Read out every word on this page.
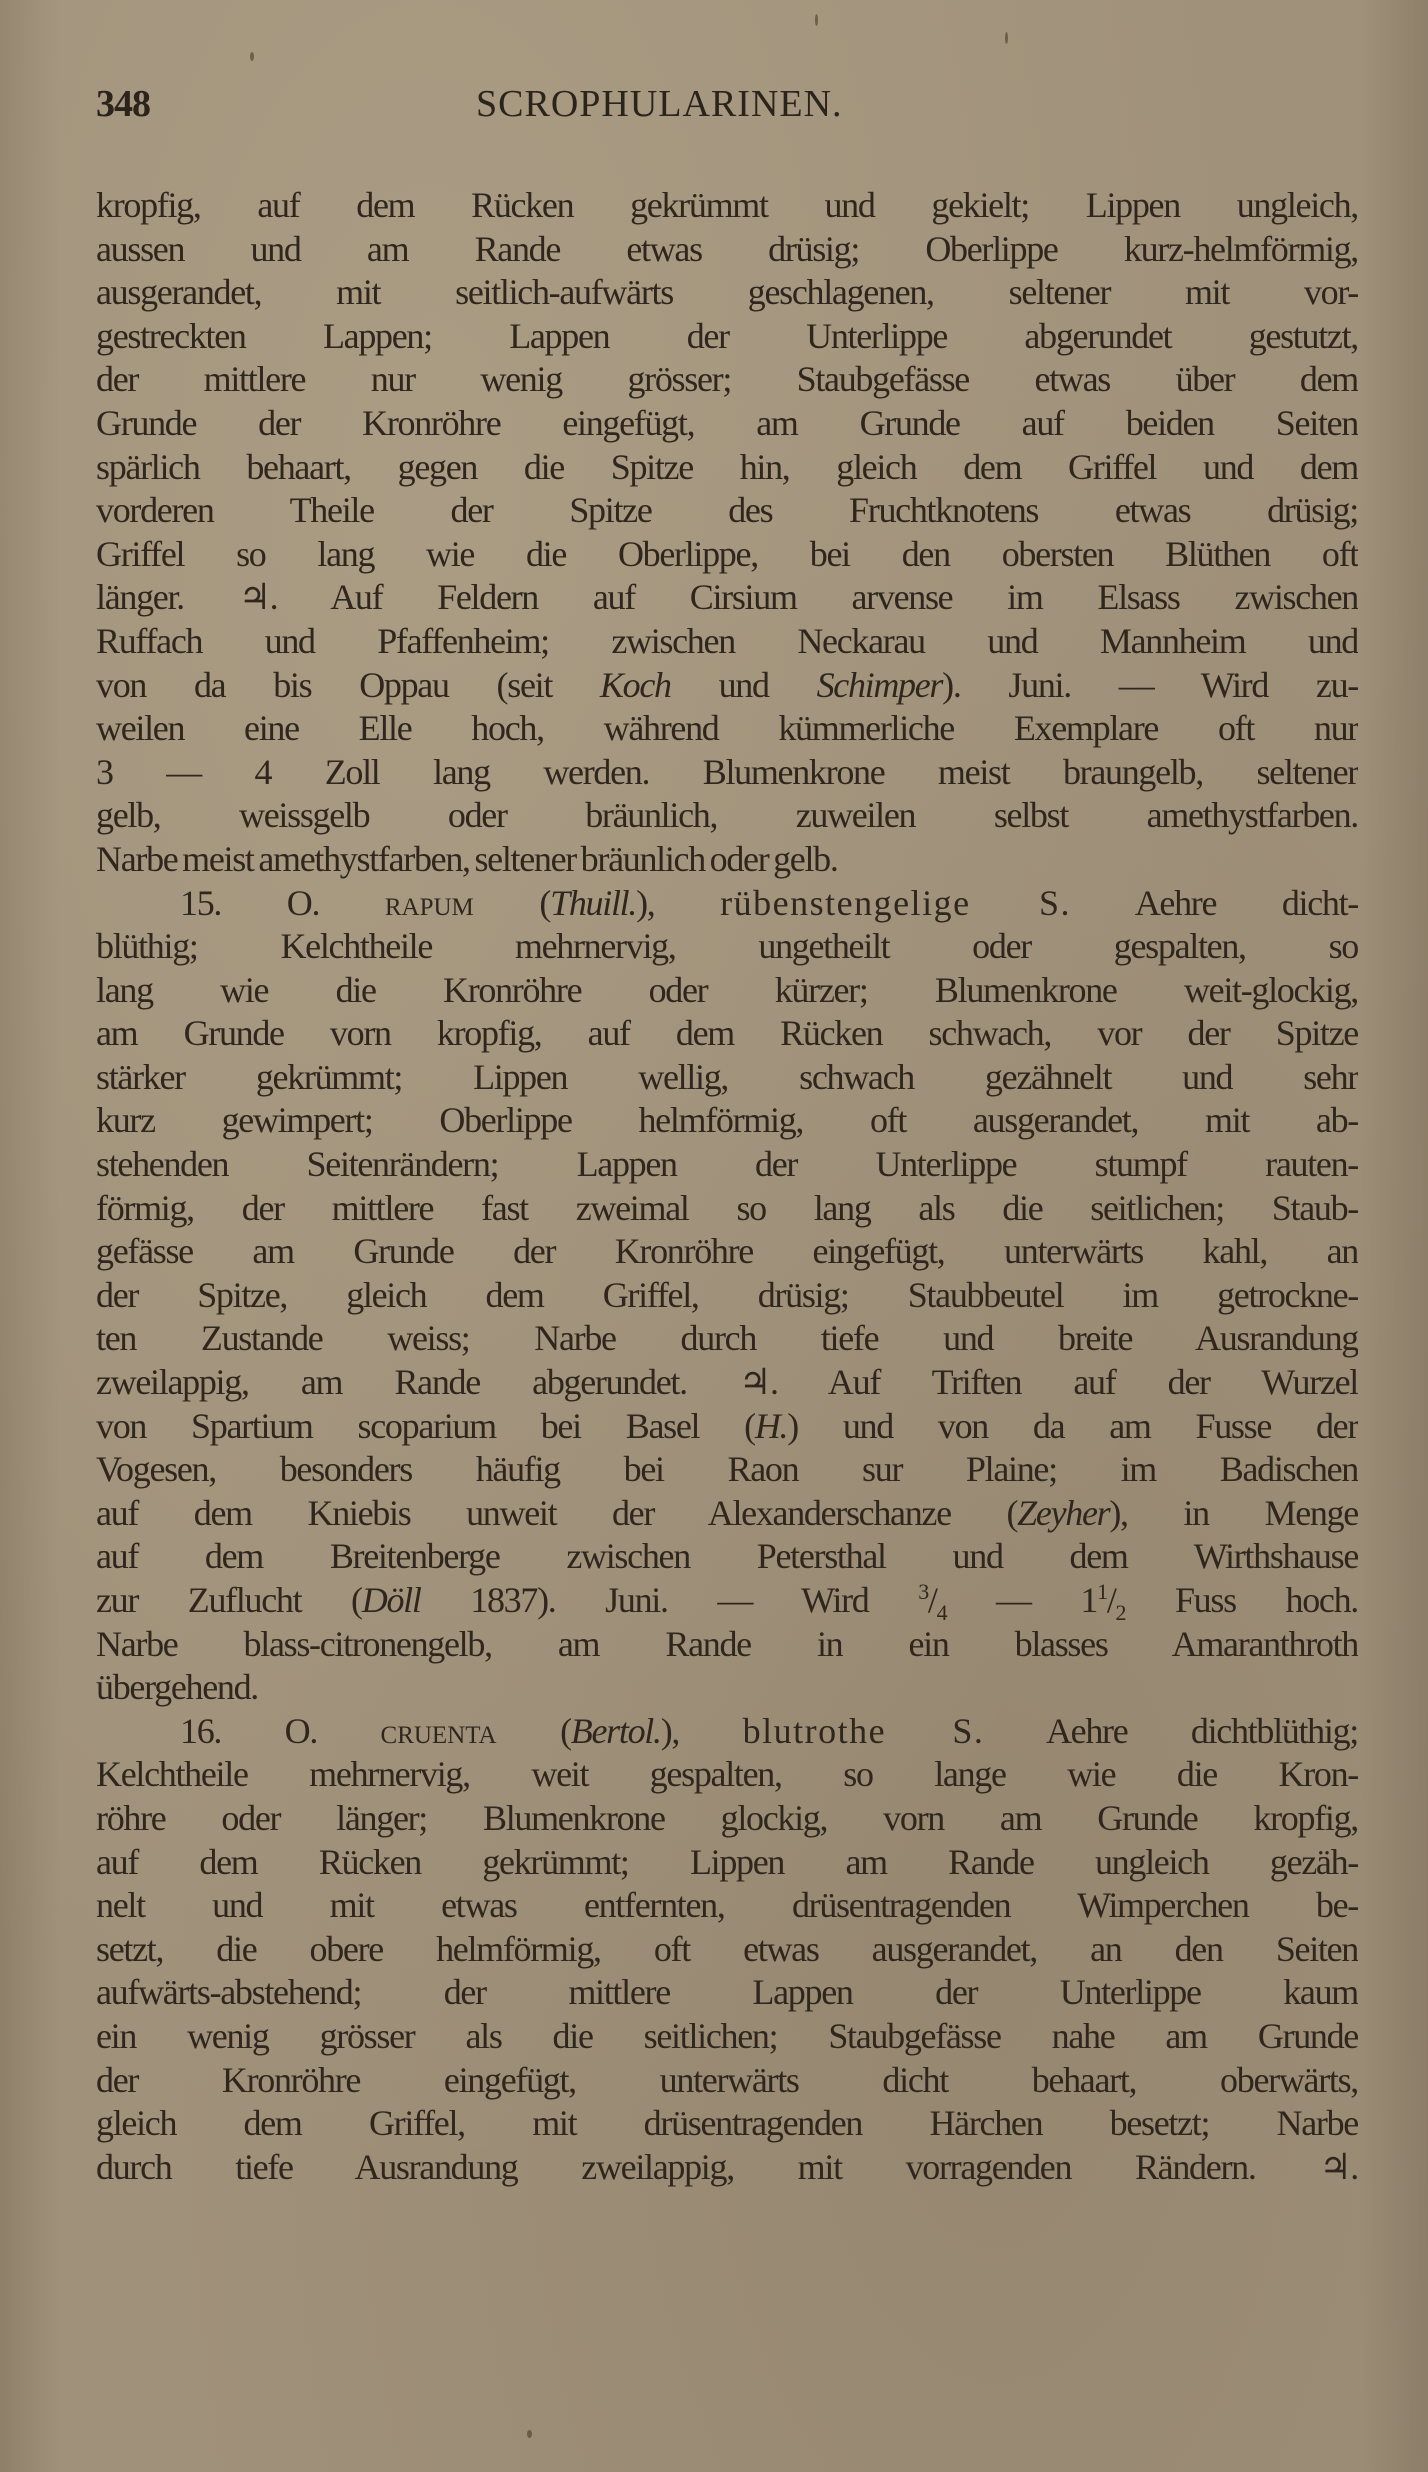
348	SCROPHULARINEN.
kropfig, auf dem Rücken gekrümmt und gekielt; Lippen ungleich,
aussen und am Rande etwas drüsig; Oberlippe kurz-helmförmig,
ausgerandet, mit seitlich-aufwärts geschlagenen, seltener mit vor-
gestreckten Lappen; Lappen der Unterlippe abgerundet gestutzt,
der mittlere nur wenig grösser; Staubgefässe etwas über dem
Grunde der Kronröhre eingefügt, am Grunde auf beiden Seiten
spärlich behaart, gegen die Spitze hin, gleich dem Griffel und dem
vorderen Theile der Spitze des Fruchtknotens etwas drüsig;
Griffel so lang wie die Oberlippe, bei den obersten Blüthen oft
länger. ♃. Auf Feldern auf Cirsium arvense im Elsass zwischen
Ruffach und Pfaffenheim; zwischen Neckarau und Mannheim und
von da bis Oppau (seit Koch und Schimper). Juni. — Wird zu-
weilen eine Elle hoch, während kümmerliche Exemplare oft nur
3 — 4 Zoll lang werden. Blumenkrone meist braungelb, seltener
gelb, weissgelb oder bräunlich, zuweilen selbst amethystfarben.
Narbe meist amethystfarben, seltener bräunlich oder gelb.
15. O. rapum (Thuill.), rübenstengelige S. Aehre dicht-
blüthig; Kelchtheile mehrnervig, ungetheilt oder gespalten, so
lang wie die Kronröhre oder kürzer; Blumenkrone weit-glockig,
am Grunde vorn kropfig, auf dem Rücken schwach, vor der Spitze
stärker gekrümmt; Lippen wellig, schwach gezähnelt und sehr
kurz gewimpert; Oberlippe helmförmig, oft ausgerandet, mit ab-
stehenden Seitenrändern; Lappen der Unterlippe stumpf rauten-
förmig, der mittlere fast zweimal so lang als die seitlichen; Staub-
gefässe am Grunde der Kronröhre eingefügt, unterwärts kahl, an
der Spitze, gleich dem Griffel, drüsig; Staubbeutel im getrockne-
ten Zustande weiss; Narbe durch tiefe und breite Ausrandung
zweilappig, am Rande abgerundet. ♃. Auf Triften auf der Wurzel
von Spartium scoparium bei Basel (H.) und von da am Fusse der
Vogesen, besonders häufig bei Raon sur Plaine; im Badischen
auf dem Kniebis unweit der Alexanderschanze (Zeyher), in Menge
auf dem Breitenberge zwischen Petersthal und dem Wirthshause
zur Zuflucht (Döll 1837). Juni. — Wird $^3/_4$ — $1^1/_2$ Fuss hoch.
Narbe blass-citronengelb, am Rande in ein blasses Amaranthroth
übergehend.
16. O. cruenta (Bertol.), blutrothe S. Aehre dichtblüthig;
Kelchtheile mehrnervig, weit gespalten, so lange wie die Kron-
röhre oder länger; Blumenkrone glockig, vorn am Grunde kropfig,
auf dem Rücken gekrümmt; Lippen am Rande ungleich gezäh-
nelt und mit etwas entfernten, drüsentragenden Wimperchen be-
setzt, die obere helmförmig, oft etwas ausgerandet, an den Seiten
aufwärts-abstehend; der mittlere Lappen der Unterlippe kaum
ein wenig grösser als die seitlichen; Staubgefässe nahe am Grunde
der Kronröhre eingefügt, unterwärts dicht behaart, oberwärts,
gleich dem Griffel, mit drüsentragenden Härchen besetzt; Narbe
durch tiefe Ausrandung zweilappig, mit vorragenden Rändern. ♃.
